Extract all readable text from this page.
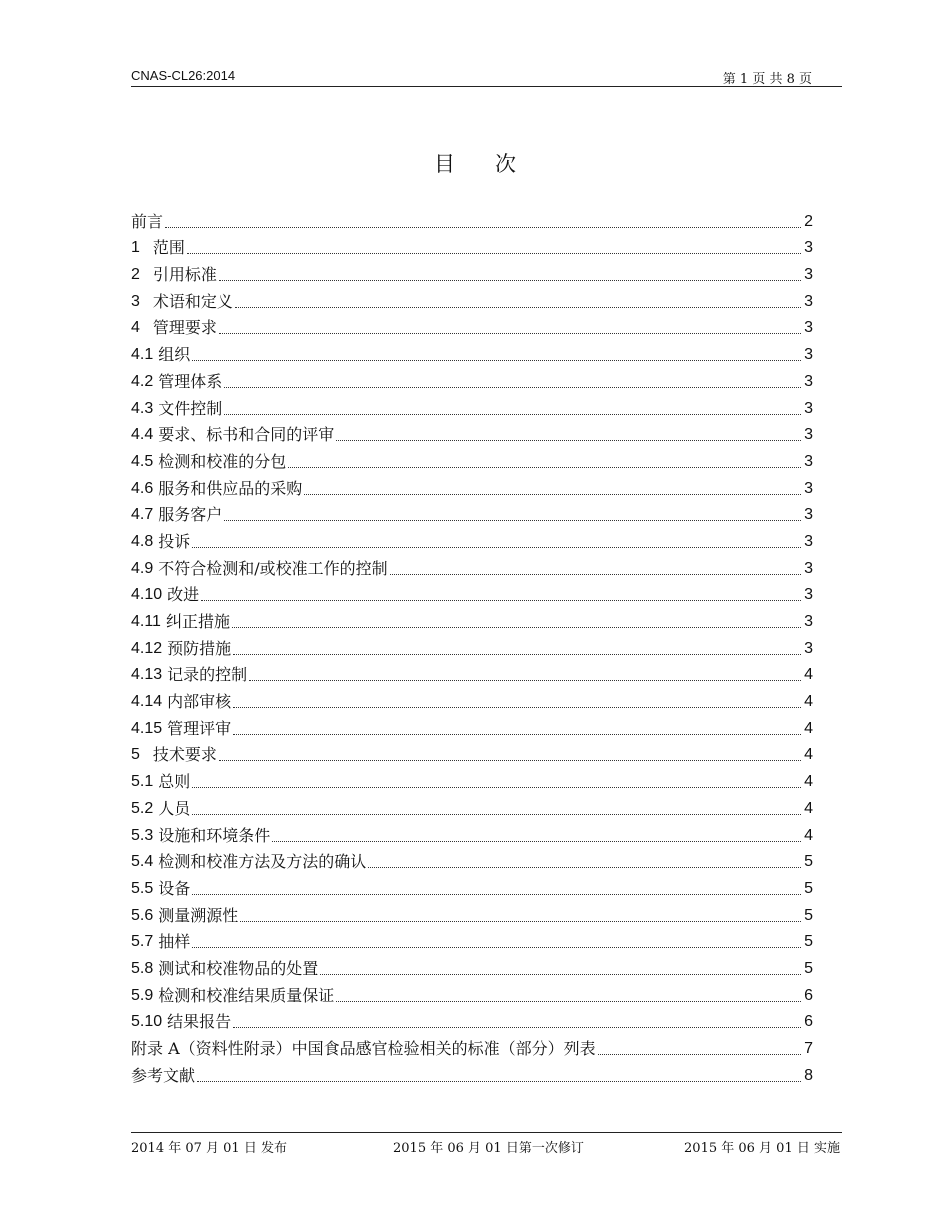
CNAS-CL26:2014	第 1 页 共 8 页
目 次
前言	2
1 范围	3
2 引用标准	3
3 术语和定义	3
4 管理要求	3
4.1 组织	3
4.2 管理体系	3
4.3 文件控制	3
4.4 要求、标书和合同的评审	3
4.5 检测和校准的分包	3
4.6 服务和供应品的采购	3
4.7 服务客户	3
4.8 投诉	3
4.9 不符合检测和/或校准工作的控制	3
4.10 改进	3
4.11 纠正措施	3
4.12 预防措施	3
4.13 记录的控制	4
4.14 内部审核	4
4.15 管理评审	4
5 技术要求	4
5.1 总则	4
5.2 人员	4
5.3 设施和环境条件	4
5.4 检测和校准方法及方法的确认	5
5.5 设备	5
5.6 测量溯源性	5
5.7 抽样	5
5.8 测试和校准物品的处置	5
5.9 检测和校准结果质量保证	6
5.10 结果报告	6
附录 A（资料性附录）中国食品感官检验相关的标准（部分）列表	7
参考文献	8
2014 年 07 月 01 日 发布	2015 年 06 月 01 日第一次修订	2015 年 06 月 01 日 实施
